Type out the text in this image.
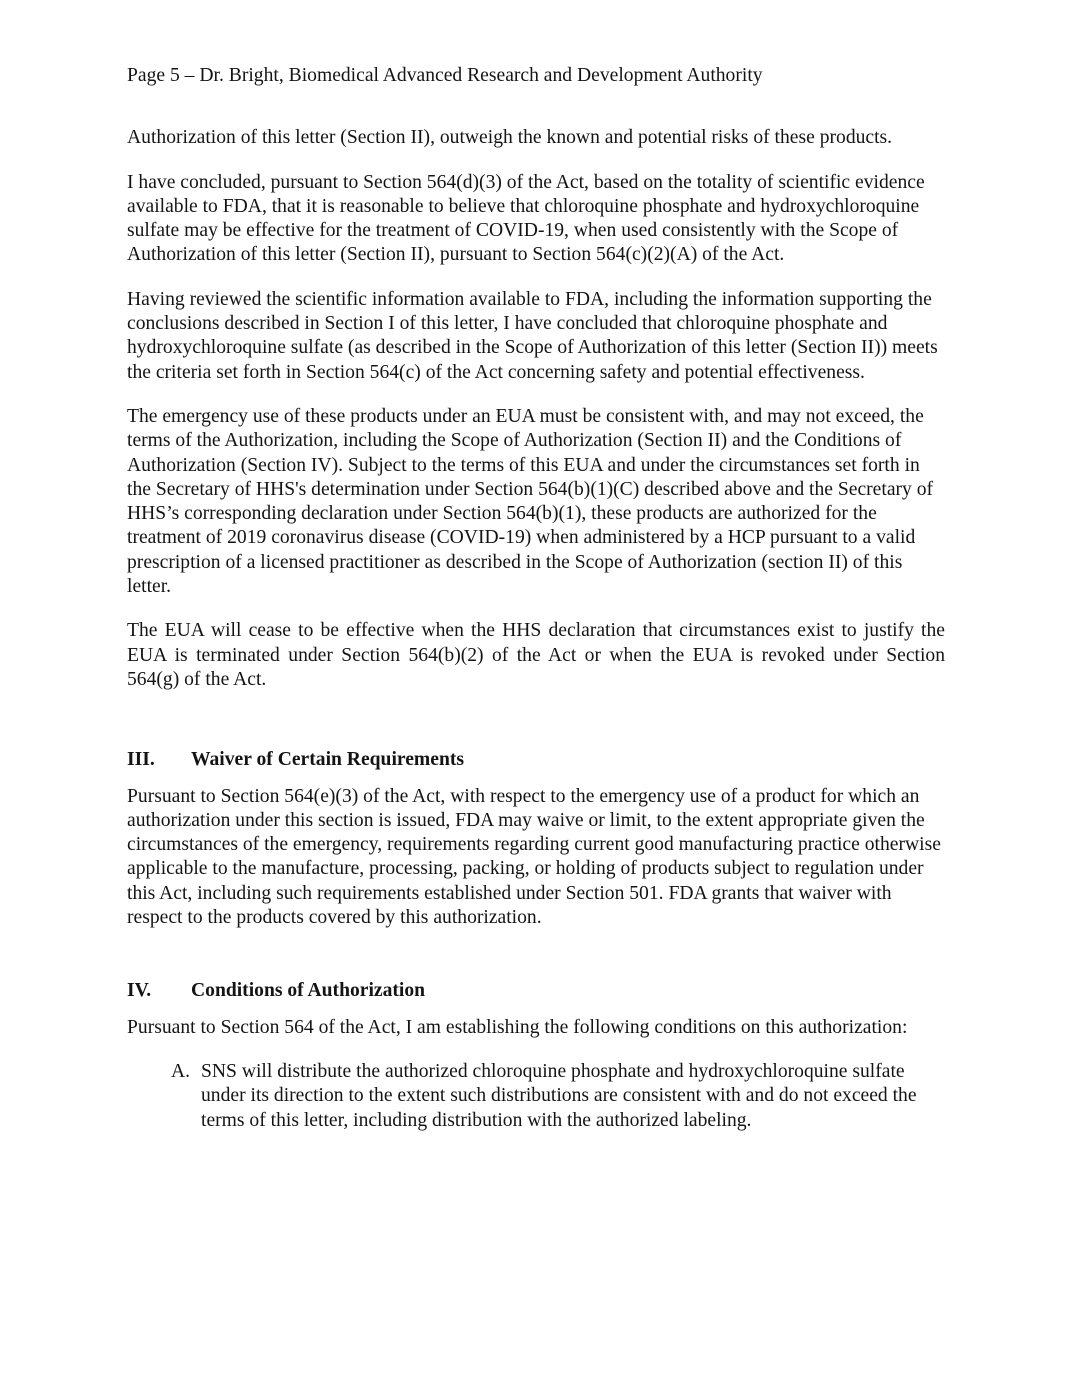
Page 5 – Dr. Bright, Biomedical Advanced Research and Development Authority

Authorization of this letter (Section II), outweigh the known and potential risks of these products.

I have concluded, pursuant to Section 564(d)(3) of the Act, based on the totality of scientific evidence available to FDA, that it is reasonable to believe that chloroquine phosphate and hydroxychloroquine sulfate may be effective for the treatment of COVID-19, when used consistently with the Scope of Authorization of this letter (Section II), pursuant to Section 564(c)(2)(A) of the Act.

Having reviewed the scientific information available to FDA, including the information supporting the conclusions described in Section I of this letter, I have concluded that chloroquine phosphate and hydroxychloroquine sulfate (as described in the Scope of Authorization of this letter (Section II)) meets the criteria set forth in Section 564(c) of the Act concerning safety and potential effectiveness.

The emergency use of these products under an EUA must be consistent with, and may not exceed, the terms of the Authorization, including the Scope of Authorization (Section II) and the Conditions of Authorization (Section IV). Subject to the terms of this EUA and under the circumstances set forth in the Secretary of HHS's determination under Section 564(b)(1)(C) described above and the Secretary of HHS’s corresponding declaration under Section 564(b)(1), these products are authorized for the treatment of 2019 coronavirus disease (COVID-19) when administered by a HCP pursuant to a valid prescription of a licensed practitioner as described in the Scope of Authorization (section II) of this letter.

The EUA will cease to be effective when the HHS declaration that circumstances exist to justify the EUA is terminated under Section 564(b)(2) of the Act or when the EUA is revoked under Section 564(g) of the Act.

III.	Waiver of Certain Requirements

Pursuant to Section 564(e)(3) of the Act, with respect to the emergency use of a product for which an authorization under this section is issued, FDA may waive or limit, to the extent appropriate given the circumstances of the emergency, requirements regarding current good manufacturing practice otherwise applicable to the manufacture, processing, packing, or holding of products subject to regulation under this Act, including such requirements established under Section 501. FDA grants that waiver with respect to the products covered by this authorization.

IV.	Conditions of Authorization

Pursuant to Section 564 of the Act, I am establishing the following conditions on this authorization:

A. SNS will distribute the authorized chloroquine phosphate and hydroxychloroquine sulfate under its direction to the extent such distributions are consistent with and do not exceed the terms of this letter, including distribution with the authorized labeling.
